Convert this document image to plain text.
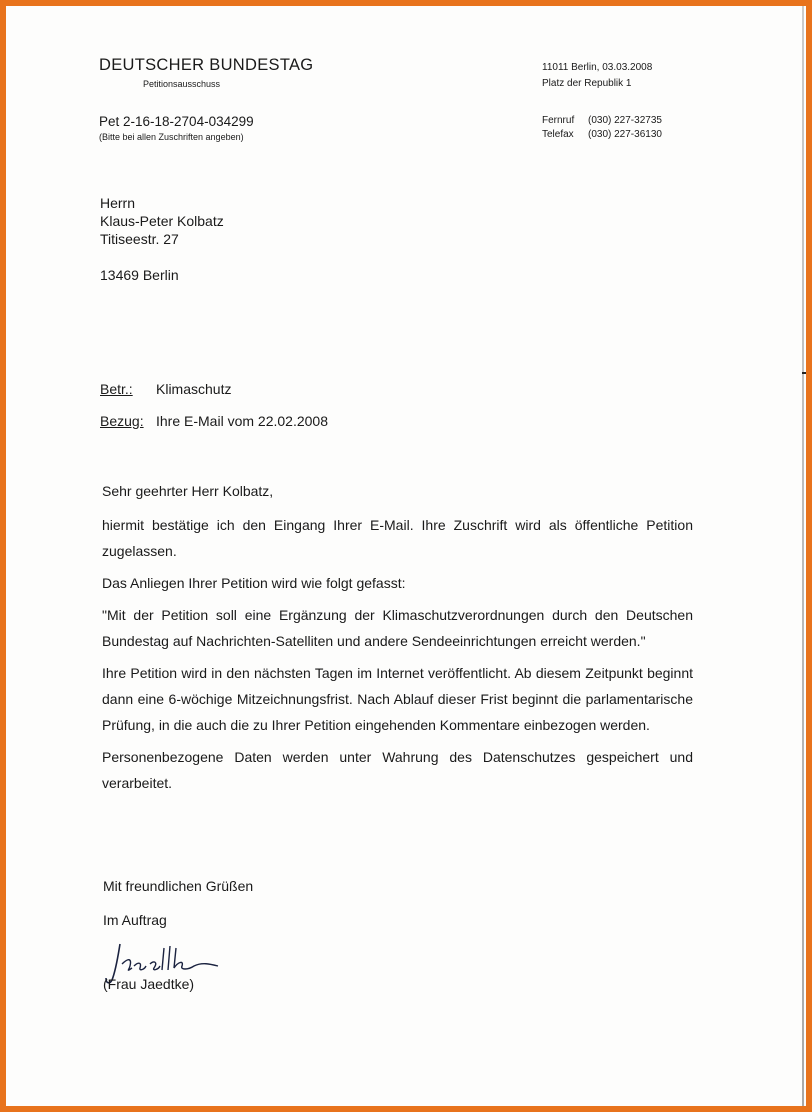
DEUTSCHER BUNDESTAG
Petitionsausschuss
Pet 2-16-18-2704-034299
(Bitte bei allen Zuschriften angeben)
11011 Berlin, 03.03.2008
Platz der Republik 1
Fernruf (030) 227-32735
Telefax (030) 227-36130
Herrn
Klaus-Peter Kolbatz
Titiseestr. 27
13469 Berlin
Betr.: Klimaschutz
Bezug: Ihre E-Mail vom 22.02.2008

Sehr geehrter Herr Kolbatz,

hiermit bestätige ich den Eingang Ihrer E-Mail. Ihre Zuschrift wird als öffentliche Petition zugelassen.

Das Anliegen Ihrer Petition wird wie folgt gefasst:

"Mit der Petition soll eine Ergänzung der Klimaschutzverordnungen durch den Deutschen Bundestag auf Nachrichten-Satelliten und andere Sendeeinrichtungen erreicht werden."

Ihre Petition wird in den nächsten Tagen im Internet veröffentlicht. Ab diesem Zeitpunkt beginnt dann eine 6-wöchige Mitzeichnungsfrist. Nach Ablauf dieser Frist beginnt die parlamentarische Prüfung, in die auch die zu Ihrer Petition eingehenden Kommentare einbezogen werden.

Personenbezogene Daten werden unter Wahrung des Datenschutzes gespeichert und verarbeitet.

Mit freundlichen Grüßen
Im Auftrag
(Frau Jaedtke)
